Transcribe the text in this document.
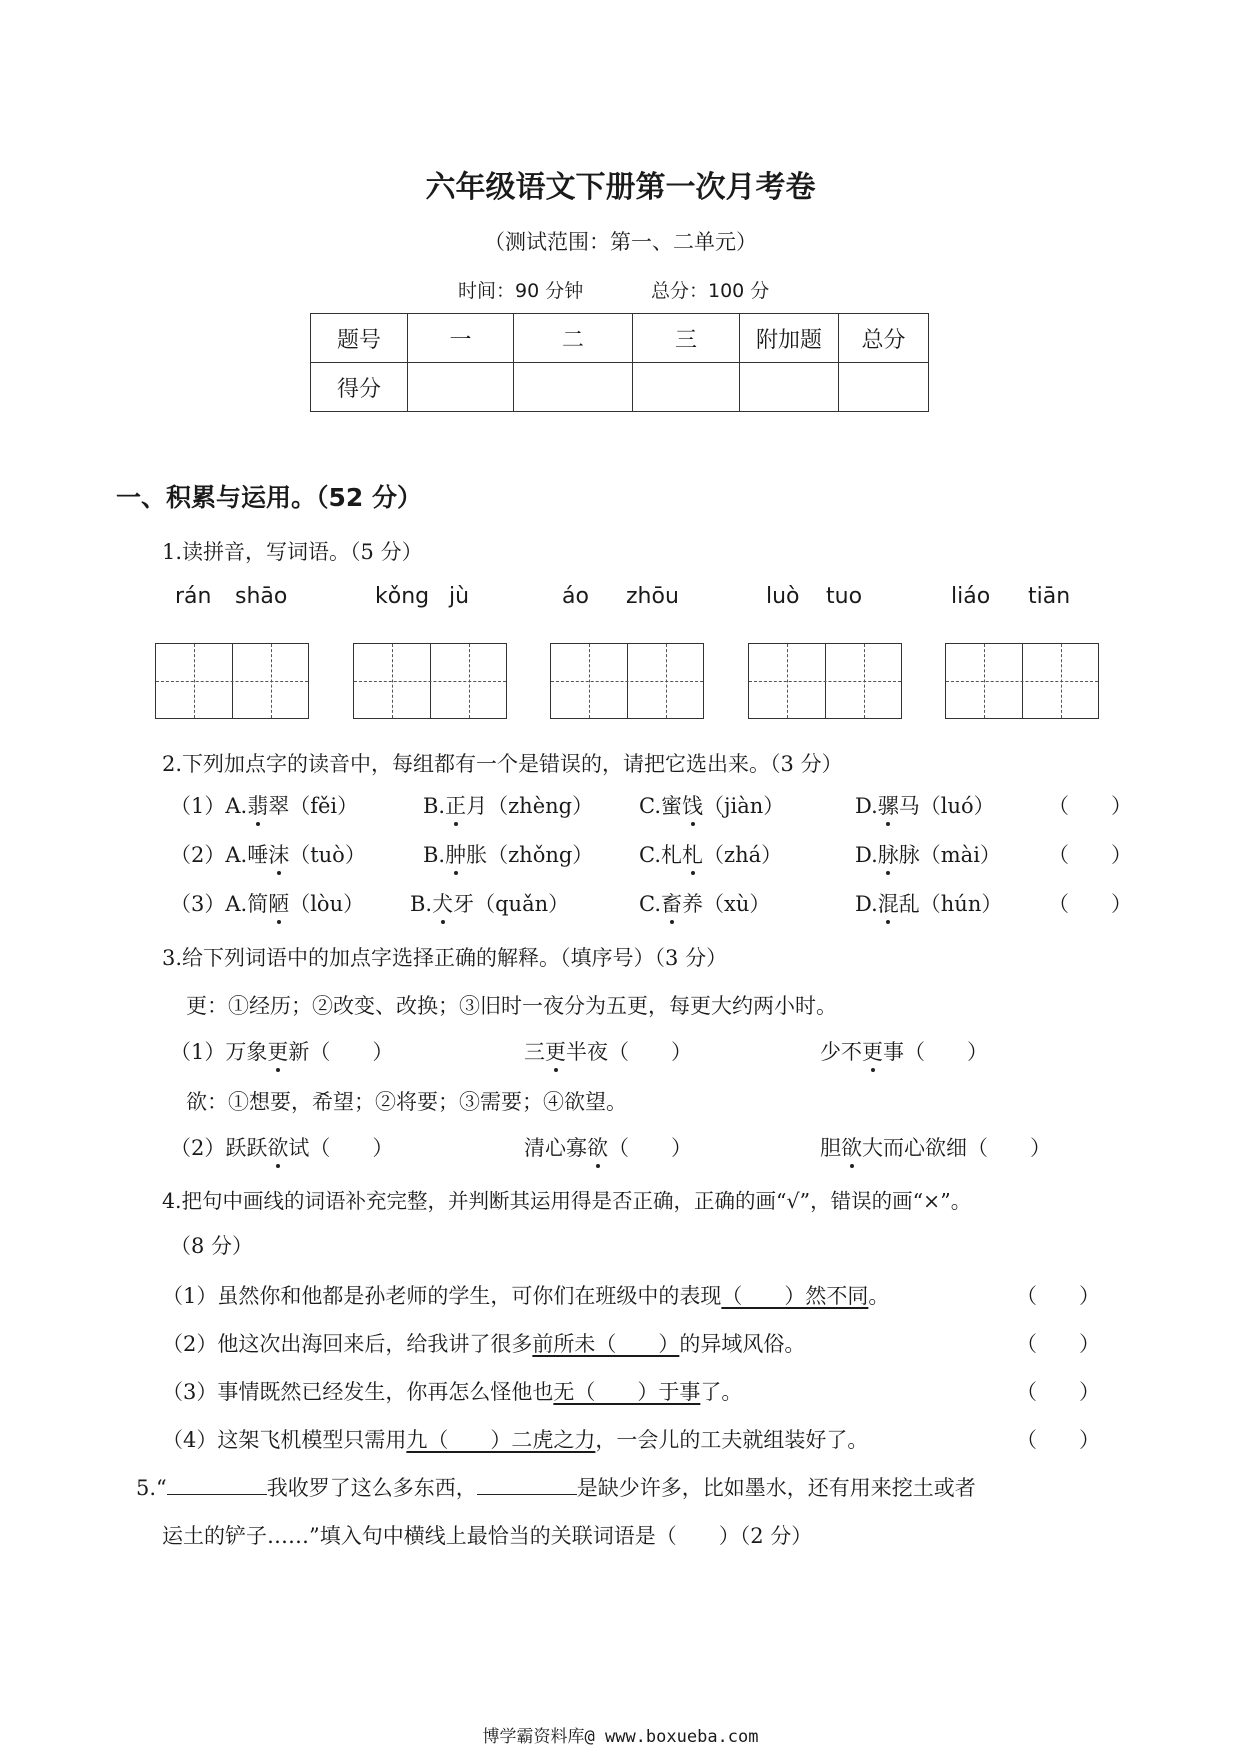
六年级语文下册第一次月考卷
（测试范围：第一、二单元）
时间：90 分钟	总分：100 分
题号	一	二	三	附加题	总分
得分					
一、积累与运用。（52 分）
1.读拼音，写词语。（5 分）
rán shāo	kǒng jù	áo zhōu	luò tuo	liáo tiān
2.下列加点字的读音中，每组都有一个是错误的，请把它选出来。（3 分）
（1）A.翡翠（fěi）	B.正月（zhèng） C.蜜饯（jiàn）	D.骡马（luó）	（　　）
（2）A.唾沫（tuò）	B.肿胀（zhǒng） C.札札（zhá）	D.脉脉（mài） （　　）
（3）A.简陋（lòu） B.犬牙（quǎn）	C.畜养（xù）	D.混乱（hún） （　　）
3.给下列词语中的加点字选择正确的解释。（填序号）（3 分）
更：①经历；②改变、改换；③旧时一夜分为五更，每更大约两小时。
（1）万象更新（　　）	三更半夜（　　）	少不更事（　　）
欲：①想要，希望；②将要；③需要；④欲望。
（2）跃跃欲试（　　）	清心寡欲（　　）	胆欲大而心欲细（　　）
4.把句中画线的词语补充完整，并判断其运用得是否正确，正确的画“√”，错误的画“×”。
（8 分）
（1）虽然你和他都是孙老师的学生，可你们在班级中的表现（　　）然不同。	（　　）
（2）他这次出海回来后，给我讲了很多前所未（　　）的异域风俗。	（　　）
（3）事情既然已经发生，你再怎么怪他也无（　　）于事了。	（　　）
（4）这架飞机模型只需用九（　　）二虎之力，一会儿的工夫就组装好了。	（　　）
5.“	我收罗了这么多东西，	是缺少许多，比如墨水，还有用来挖土或者
运土的铲子……”填入句中横线上最恰当的关联词语是（　　）（2 分）
博学霸资料库@ www.boxueba.com
